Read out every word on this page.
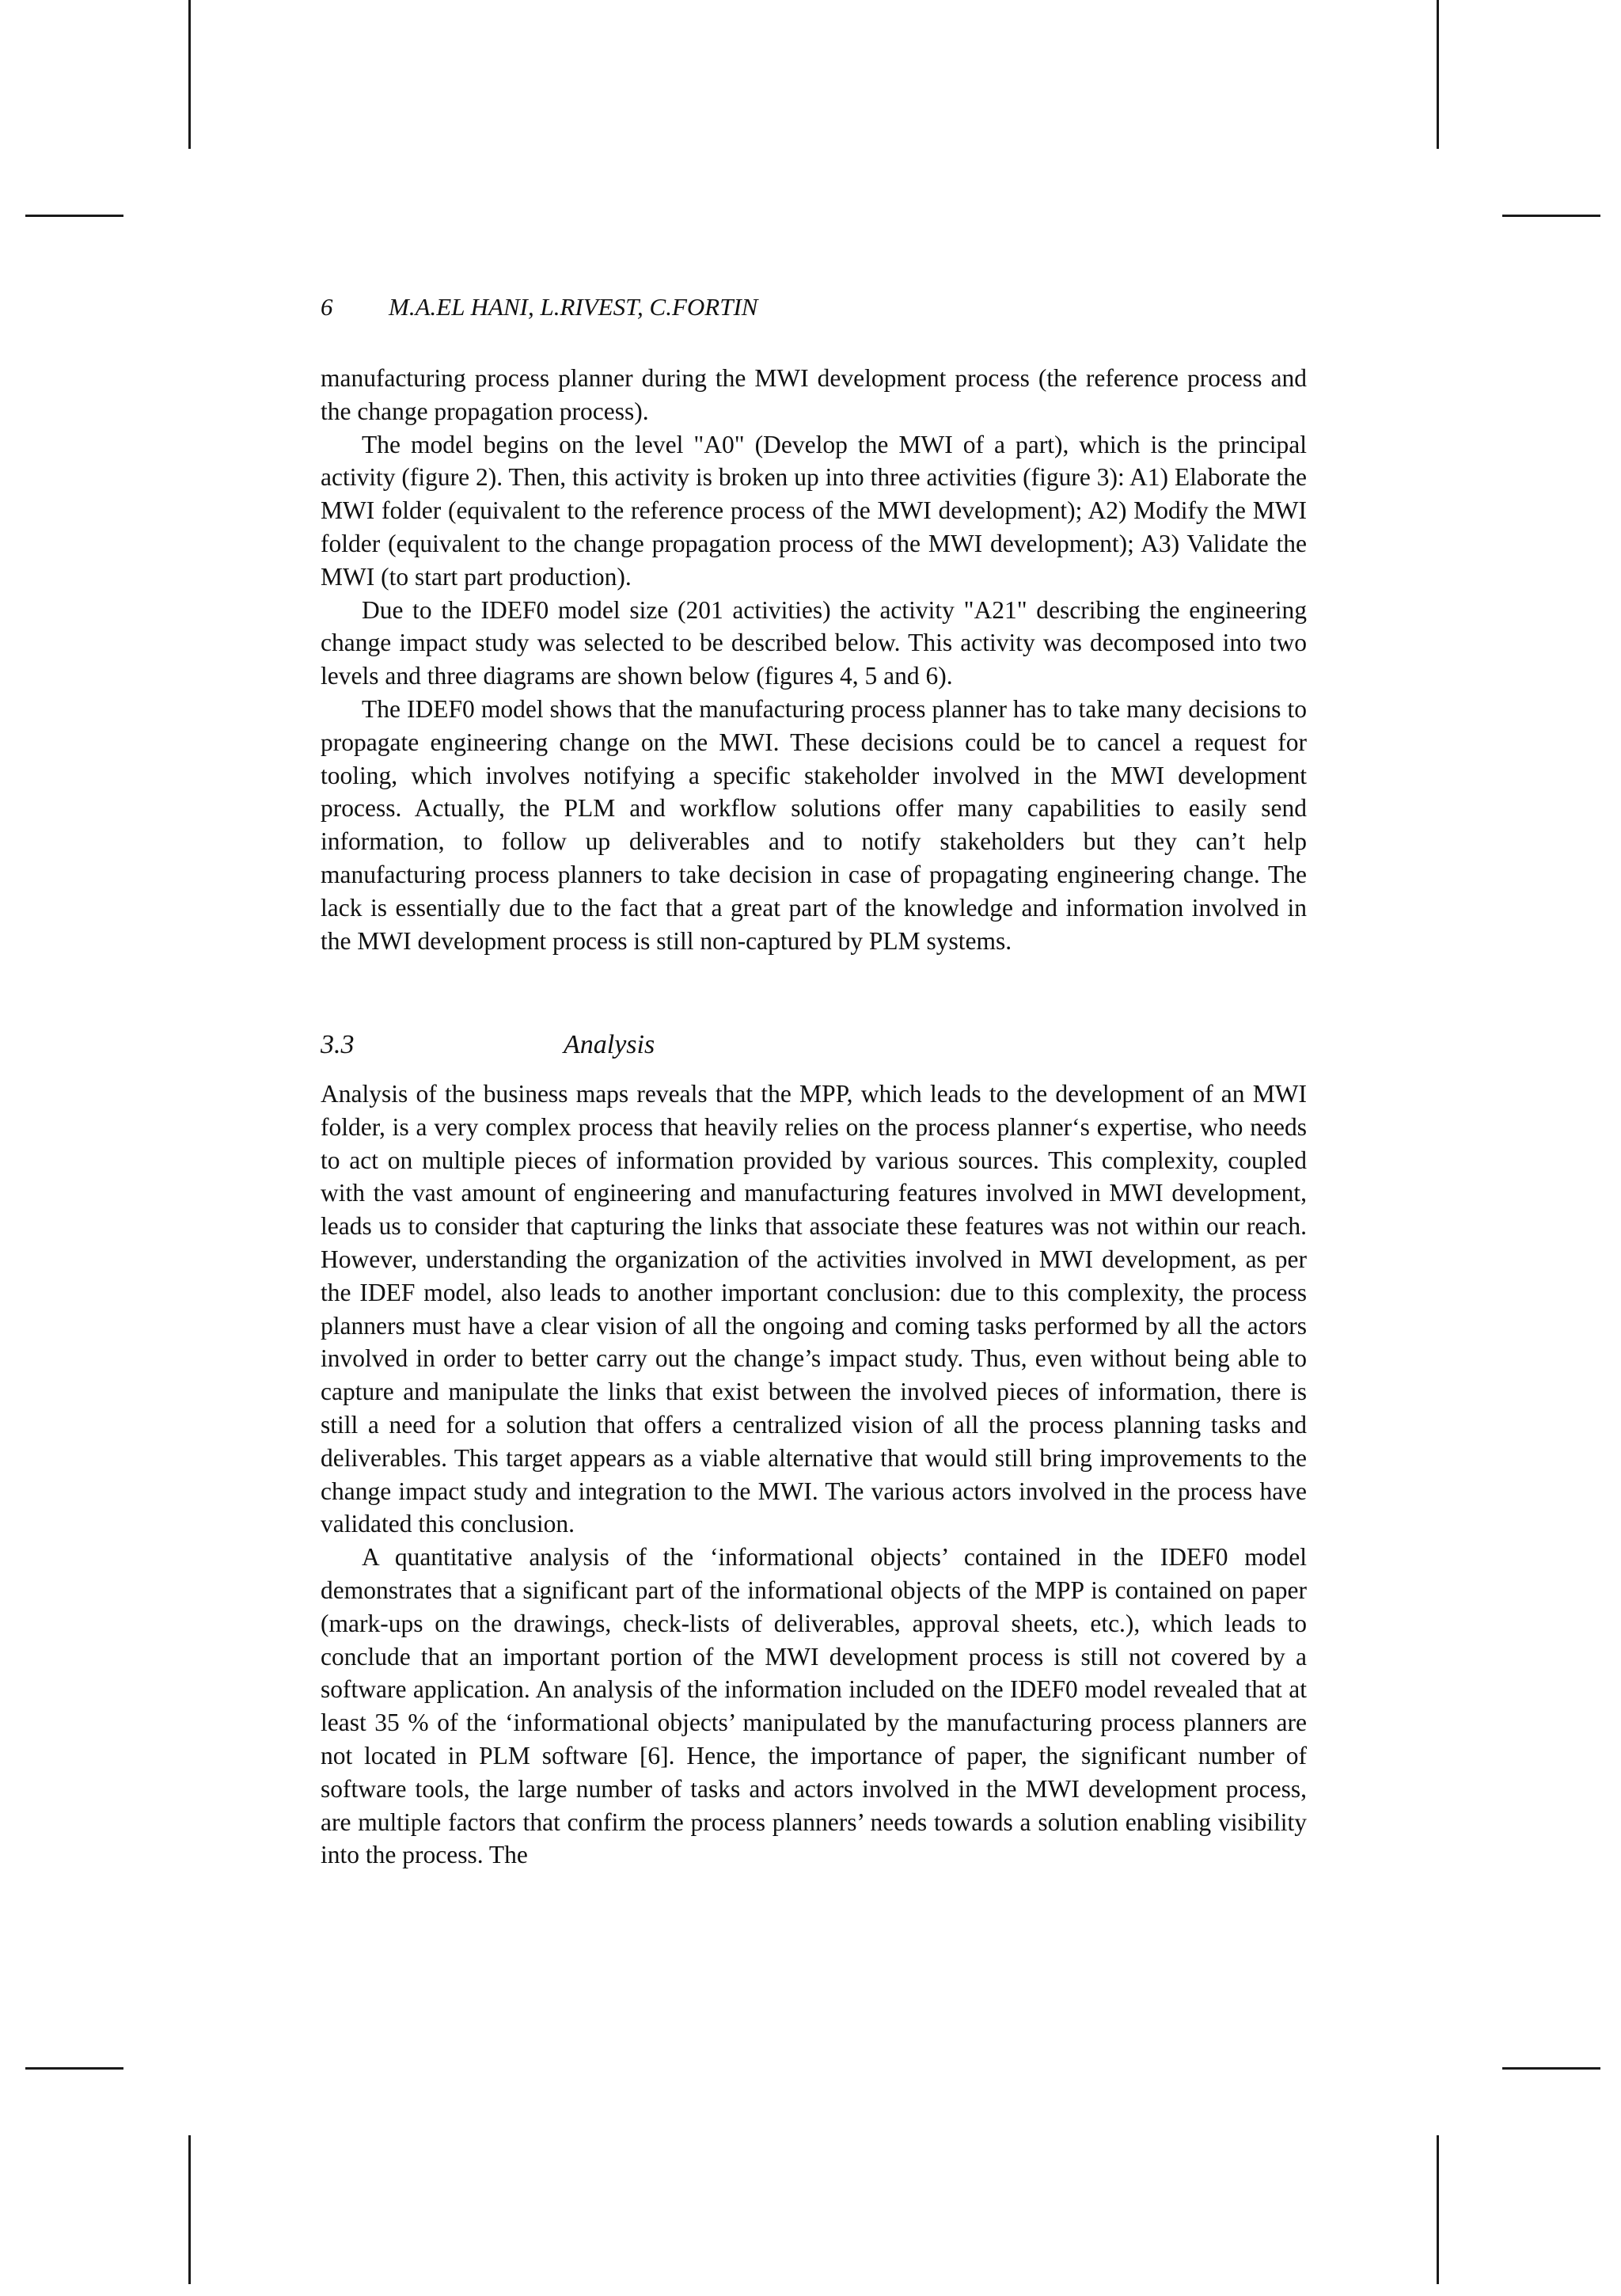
6 M.A.EL HANI, L.RIVEST, C.FORTIN

manufacturing process planner during the MWI development process (the reference process and the change propagation process).

The model begins on the level "A0" (Develop the MWI of a part), which is the principal activity (figure 2). Then, this activity is broken up into three activities (figure 3): A1) Elaborate the MWI folder (equivalent to the reference process of the MWI development); A2) Modify the MWI folder (equivalent to the change propagation process of the MWI development); A3) Validate the MWI (to start part production).

Due to the IDEF0 model size (201 activities) the activity "A21" describing the engineering change impact study was selected to be described below. This activity was decomposed into two levels and three diagrams are shown below (figures 4, 5 and 6).

The IDEF0 model shows that the manufacturing process planner has to take many decisions to propagate engineering change on the MWI. These decisions could be to cancel a request for tooling, which involves notifying a specific stakeholder involved in the MWI development process. Actually, the PLM and workflow solutions offer many capabilities to easily send information, to follow up deliverables and to notify stakeholders but they can’t help manufacturing process planners to take decision in case of propagating engineering change. The lack is essentially due to the fact that a great part of the knowledge and information involved in the MWI development process is still non-captured by PLM systems.

3.3	Analysis

Analysis of the business maps reveals that the MPP, which leads to the development of an MWI folder, is a very complex process that heavily relies on the process planner‘s expertise, who needs to act on multiple pieces of information provided by various sources. This complexity, coupled with the vast amount of engineering and manufacturing features involved in MWI development, leads us to consider that capturing the links that associate these features was not within our reach. However, understanding the organization of the activities involved in MWI development, as per the IDEF model, also leads to another important conclusion: due to this complexity, the process planners must have a clear vision of all the ongoing and coming tasks performed by all the actors involved in order to better carry out the change’s impact study. Thus, even without being able to capture and manipulate the links that exist between the involved pieces of information, there is still a need for a solution that offers a centralized vision of all the process planning tasks and deliverables. This target appears as a viable alternative that would still bring improvements to the change impact study and integration to the MWI. The various actors involved in the process have validated this conclusion.

A quantitative analysis of the ‘informational objects’ contained in the IDEF0 model demonstrates that a significant part of the informational objects of the MPP is contained on paper (mark-ups on the drawings, check-lists of deliverables, approval sheets, etc.), which leads to conclude that an important portion of the MWI development process is still not covered by a software application. An analysis of the information included on the IDEF0 model revealed that at least 35 % of the ‘informational objects’ manipulated by the manufacturing process planners are not located in PLM software [6]. Hence, the importance of paper, the significant number of software tools, the large number of tasks and actors involved in the MWI development process, are multiple factors that confirm the process planners’ needs towards a solution enabling visibility into the process. The
